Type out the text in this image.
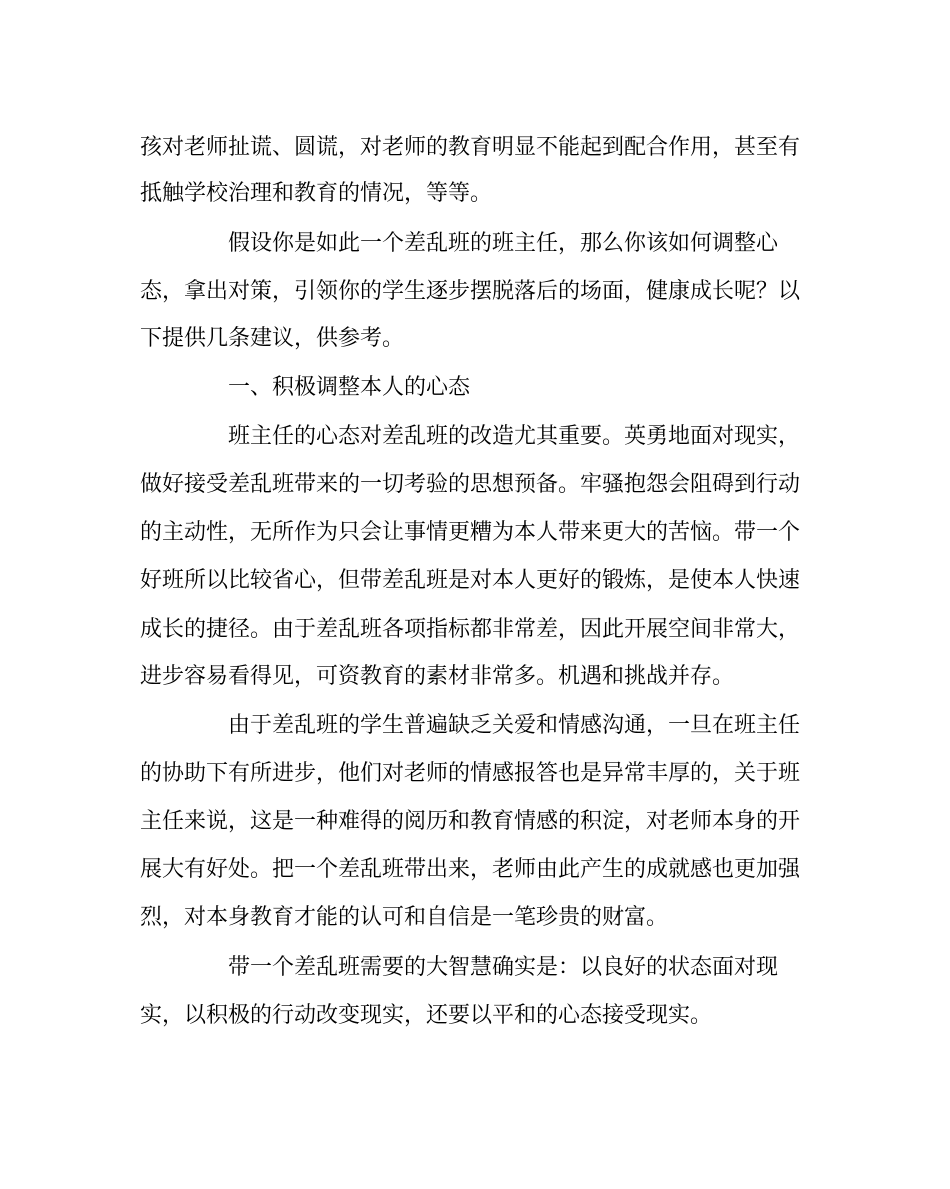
孩对老师扯谎、圆谎，对老师的教育明显不能起到配合作用，甚至有

抵触学校治理和教育的情况，等等。

假设你是如此一个差乱班的班主任，那么你该如何调整心

态，拿出对策，引领你的学生逐步摆脱落后的场面，健康成长呢？以

下提供几条建议，供参考。

一、积极调整本人的心态

班主任的心态对差乱班的改造尤其重要。英勇地面对现实，

做好接受差乱班带来的一切考验的思想预备。牢骚抱怨会阻碍到行动

的主动性，无所作为只会让事情更糟为本人带来更大的苦恼。带一个

好班所以比较省心，但带差乱班是对本人更好的锻炼，是使本人快速

成长的捷径。由于差乱班各项指标都非常差，因此开展空间非常大，

进步容易看得见，可资教育的素材非常多。机遇和挑战并存。

由于差乱班的学生普遍缺乏关爱和情感沟通，一旦在班主任

的协助下有所进步，他们对老师的情感报答也是异常丰厚的，关于班

主任来说，这是一种难得的阅历和教育情感的积淀，对老师本身的开

展大有好处。把一个差乱班带出来，老师由此产生的成就感也更加强

烈，对本身教育才能的认可和自信是一笔珍贵的财富。

带一个差乱班需要的大智慧确实是：以良好的状态面对现

实，以积极的行动改变现实，还要以平和的心态接受现实。
